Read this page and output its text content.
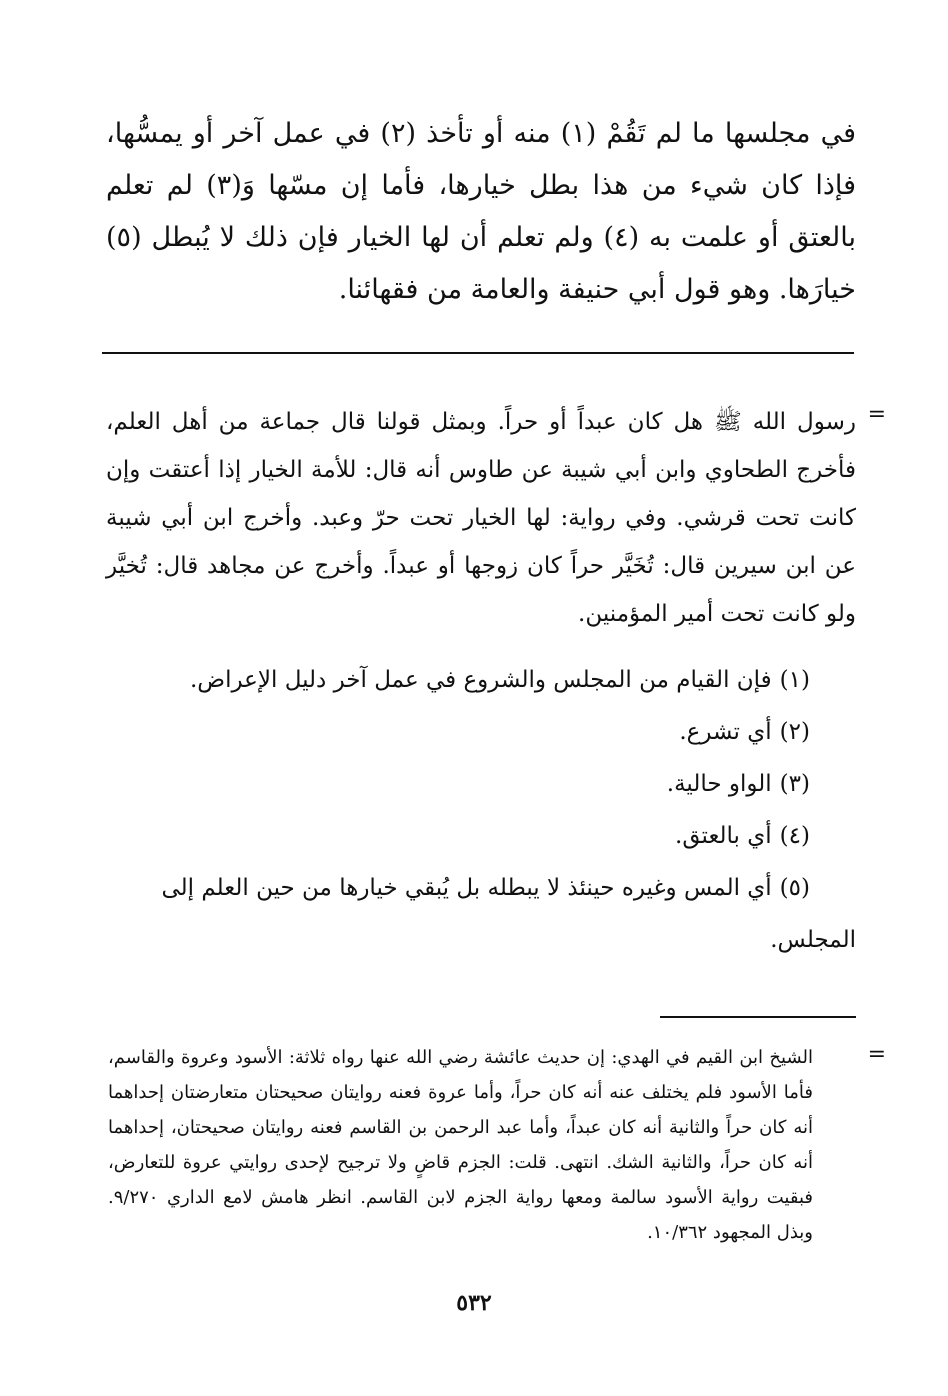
في مجلسها ما لم تَقُمْ (١) منه أو تأخذ (٢) في عمل آخر أو يمسُّها، فإذا كان شيء من هذا بطل خيارها، فأما إن مسّها وَ(٣) لم تعلم بالعتق أو علمت به (٤) ولم تعلم أن لها الخيار فإن ذلك لا يُبطل (٥) خيارَها. وهو قول أبي حنيفة والعامة من فقهائنا.
=
رسول الله ﷺ هل كان عبداً أو حراً. وبمثل قولنا قال جماعة من أهل العلم، فأخرج الطحاوي وابن أبي شيبة عن طاوس أنه قال: للأمة الخيار إذا أعتقت وإن كانت تحت قرشي. وفي رواية: لها الخيار تحت حرّ وعبد. وأخرج ابن أبي شيبة عن ابن سيرين قال: تُخَيَّر حراً كان زوجها أو عبداً. وأخرج عن مجاهد قال: تُخيَّر ولو كانت تحت أمير المؤمنين.
(١)فإن القيام من المجلس والشروع في عمل آخر دليل الإعراض.
(٢)أي تشرع.
(٣)الواو حالية.
(٤)أي بالعتق.
(٥)أي المس وغيره حينئذ لا يبطله بل يُبقي خيارها من حين العلم إلى
المجلس.
=
الشيخ ابن القيم في الهدي: إن حديث عائشة رضي الله عنها رواه ثلاثة: الأسود وعروة والقاسم، فأما الأسود فلم يختلف عنه أنه كان حراً، وأما عروة فعنه روايتان صحيحتان متعارضتان إحداهما أنه كان حراً والثانية أنه كان عبداً، وأما عبد الرحمن بن القاسم فعنه روايتان صحيحتان، إحداهما أنه كان حراً، والثانية الشك. انتهى. قلت: الجزم قاضٍ ولا ترجيح لإحدى روايتي عروة للتعارض، فبقيت رواية الأسود سالمة ومعها رواية الجزم لابن القاسم. انظر هامش لامع الداري ٩/٢٧٠. وبذل المجهود ١٠/٣٦٢.
٥٣٢
